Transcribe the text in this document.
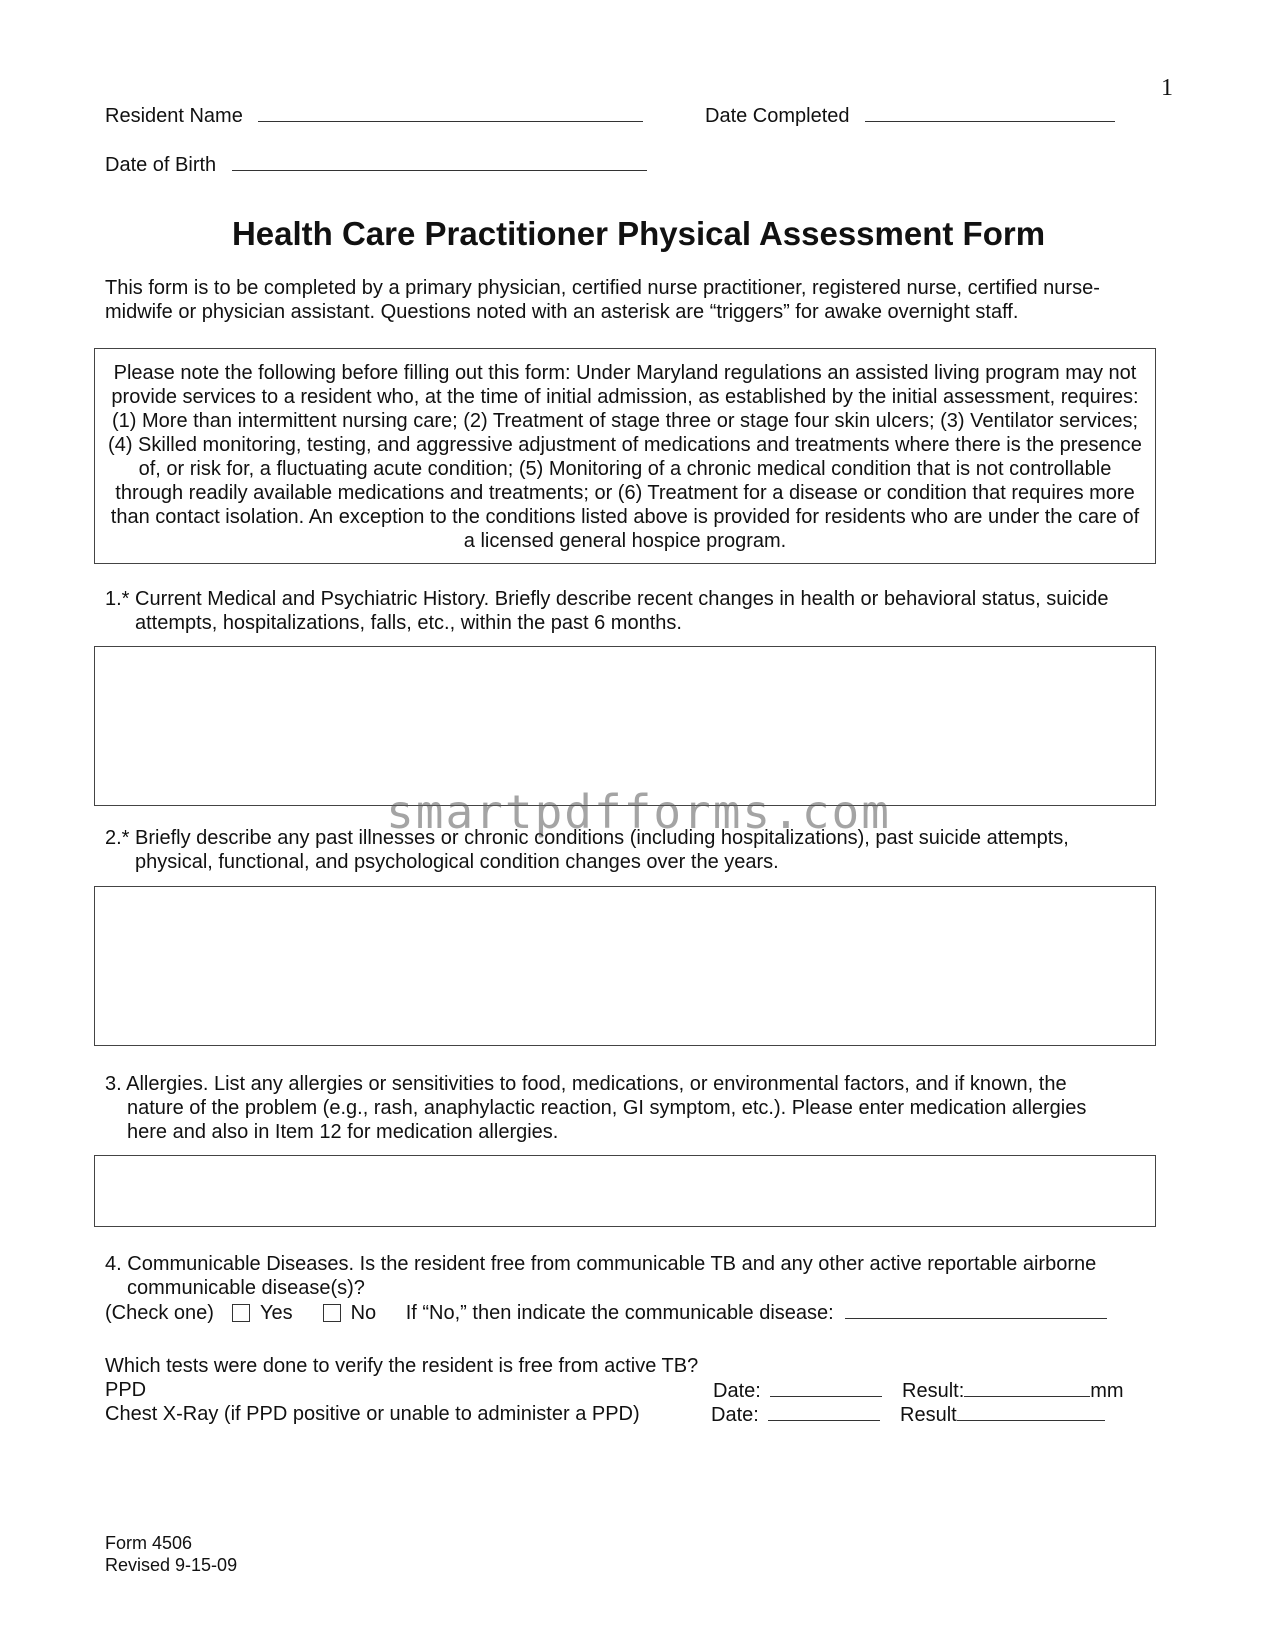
1
Resident Name	Date Completed
Date of Birth
Health Care Practitioner Physical Assessment Form
This form is to be completed by a primary physician, certified nurse practitioner, registered nurse, certified nurse-midwife or physician assistant. Questions noted with an asterisk are “triggers” for awake overnight staff.
Please note the following before filling out this form: Under Maryland regulations an assisted living program may not provide services to a resident who, at the time of initial admission, as established by the initial assessment, requires: (1) More than intermittent nursing care; (2) Treatment of stage three or stage four skin ulcers; (3) Ventilator services; (4) Skilled monitoring, testing, and aggressive adjustment of medications and treatments where there is the presence of, or risk for, a fluctuating acute condition; (5) Monitoring of a chronic medical condition that is not controllable through readily available medications and treatments; or (6) Treatment for a disease or condition that requires more than contact isolation. An exception to the conditions listed above is provided for residents who are under the care of a licensed general hospice program.
1.* Current Medical and Psychiatric History. Briefly describe recent changes in health or behavioral status, suicide
attempts, hospitalizations, falls, etc., within the past 6 months.
2.* Briefly describe any past illnesses or chronic conditions (including hospitalizations), past suicide attempts,
physical, functional, and psychological condition changes over the years.
3. Allergies. List any allergies or sensitivities to food, medications, or environmental factors, and if known, the
nature of the problem (e.g., rash, anaphylactic reaction, GI symptom, etc.). Please enter medication allergies
here and also in Item 12 for medication allergies.
4. Communicable Diseases. Is the resident free from communicable TB and any other active reportable airborne
communicable disease(s)?
(Check one) Yes	No If “No,” then indicate the communicable disease:
Which tests were done to verify the resident is free from active TB?
PPD	Date:	Result:	mm
Chest X-Ray (if PPD positive or unable to administer a PPD)	Date:	Result
smartpdfforms.com
Form 4506
Revised 9-15-09
